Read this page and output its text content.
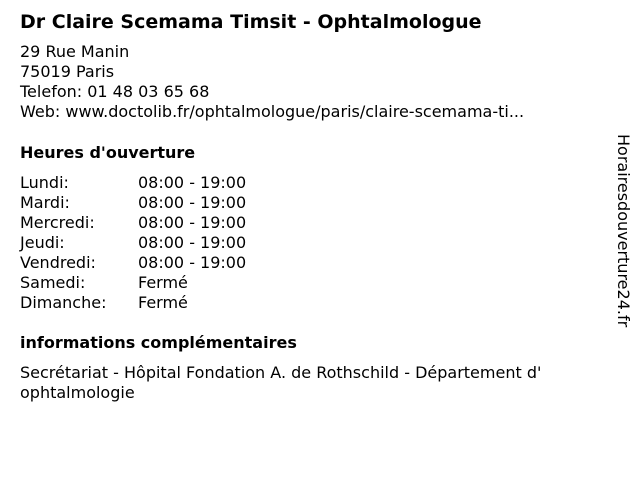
Dr Claire Scemama Timsit - Ophtalmologue
29 Rue Manin
75019 Paris
Telefon: 01 48 03 65 68
Web: www.doctolib.fr/ophtalmologue/paris/claire-scemama-ti...
Heures d'ouverture
Lundi:	08:00 - 19:00
Mardi:	08:00 - 19:00
Mercredi:	08:00 - 19:00
Jeudi:	08:00 - 19:00
Vendredi:	08:00 - 19:00
Samedi:	Fermé
Dimanche:	Fermé
informations complémentaires
Secrétariat - Hôpital Fondation A. de Rothschild - Département d' ophtalmologie
Horairesdouverture24.fr
